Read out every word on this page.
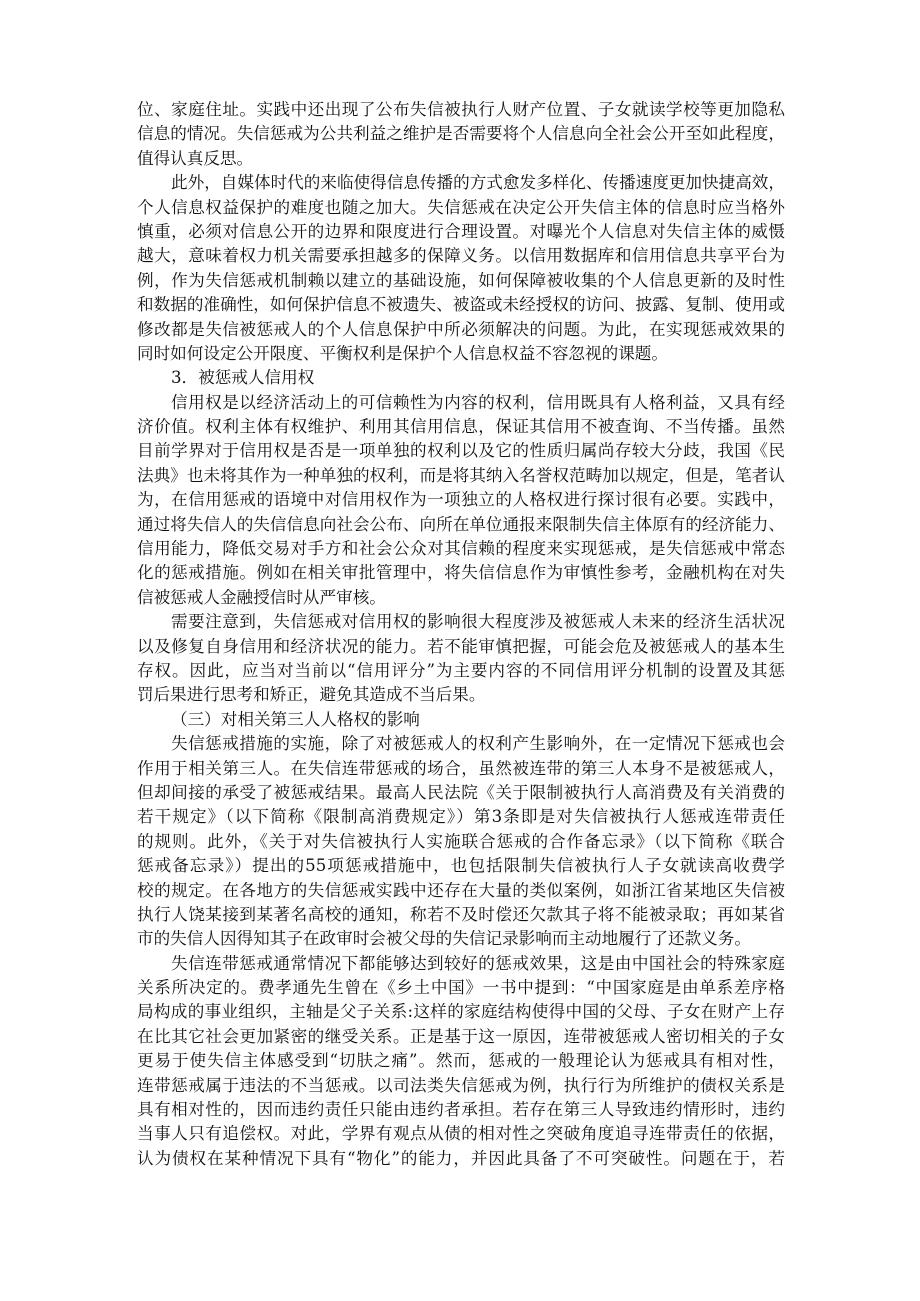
位、家庭住址。实践中还出现了公布失信被执行人财产位置、子女就读学校等更加隐私
信息的情况。失信惩戒为公共利益之维护是否需要将个人信息向全社会公开至如此程度，
值得认真反思。
此外，自媒体时代的来临使得信息传播的方式愈发多样化、传播速度更加快捷高效，
个人信息权益保护的难度也随之加大。失信惩戒在决定公开失信主体的信息时应当格外
慎重，必须对信息公开的边界和限度进行合理设置。对曝光个人信息对失信主体的威慑
越大，意味着权力机关需要承担越多的保障义务。以信用数据库和信用信息共享平台为
例，作为失信惩戒机制赖以建立的基础设施，如何保障被收集的个人信息更新的及时性
和数据的准确性，如何保护信息不被遗失、被盗或未经授权的访问、披露、复制、使用或
修改都是失信被惩戒人的个人信息保护中所必须解决的问题。为此，在实现惩戒效果的
同时如何设定公开限度、平衡权利是保护个人信息权益不容忽视的课题。
3．被惩戒人信用权
信用权是以经济活动上的可信赖性为内容的权利，信用既具有人格利益，又具有经
济价值。权利主体有权维护、利用其信用信息，保证其信用不被查询、不当传播。虽然
目前学界对于信用权是否是一项单独的权利以及它的性质归属尚存较大分歧，我国《民
法典》也未将其作为一种单独的权利，而是将其纳入名誉权范畴加以规定，但是，笔者认
为，在信用惩戒的语境中对信用权作为一项独立的人格权进行探讨很有必要。实践中，
通过将失信人的失信信息向社会公布、向所在单位通报来限制失信主体原有的经济能力、
信用能力，降低交易对手方和社会公众对其信赖的程度来实现惩戒，是失信惩戒中常态
化的惩戒措施。例如在相关审批管理中，将失信信息作为审慎性参考，金融机构在对失
信被惩戒人金融授信时从严审核。
需要注意到，失信惩戒对信用权的影响很大程度涉及被惩戒人未来的经济生活状况
以及修复自身信用和经济状况的能力。若不能审慎把握，可能会危及被惩戒人的基本生
存权。因此，应当对当前以“信用评分”为主要内容的不同信用评分机制的设置及其惩
罚后果进行思考和矫正，避免其造成不当后果。
（三）对相关第三人人格权的影响
失信惩戒措施的实施，除了对被惩戒人的权利产生影响外，在一定情况下惩戒也会
作用于相关第三人。在失信连带惩戒的场合，虽然被连带的第三人本身不是被惩戒人，
但却间接的承受了被惩戒结果。最高人民法院《关于限制被执行人高消费及有关消费的
若干规定》（以下简称《限制高消费规定》）第3条即是对失信被执行人惩戒连带责任
的规则。此外，《关于对失信被执行人实施联合惩戒的合作备忘录》（以下简称《联合
惩戒备忘录》）提出的55项惩戒措施中，也包括限制失信被执行人子女就读高收费学
校的规定。在各地方的失信惩戒实践中还存在大量的类似案例，如浙江省某地区失信被
执行人饶某接到某著名高校的通知，称若不及时偿还欠款其子将不能被录取；再如某省
市的失信人因得知其子在政审时会被父母的失信记录影响而主动地履行了还款义务。
失信连带惩戒通常情况下都能够达到较好的惩戒效果，这是由中国社会的特殊家庭
关系所决定的。费孝通先生曾在《乡土中国》一书中提到：“中国家庭是由单系差序格
局构成的事业组织，主轴是父子关系:这样的家庭结构使得中国的父母、子女在财产上存
在比其它社会更加紧密的继受关系。正是基于这一原因，连带被惩戒人密切相关的子女
更易于使失信主体感受到“切肤之痛”。然而，惩戒的一般理论认为惩戒具有相对性，
连带惩戒属于违法的不当惩戒。以司法类失信惩戒为例，执行行为所维护的债权关系是
具有相对性的，因而违约责任只能由违约者承担。若存在第三人导致违约情形时，违约
当事人只有追偿权。对此，学界有观点从债的相对性之突破角度追寻连带责任的依据，
认为债权在某种情况下具有“物化”的能力，并因此具备了不可突破性。问题在于，若
